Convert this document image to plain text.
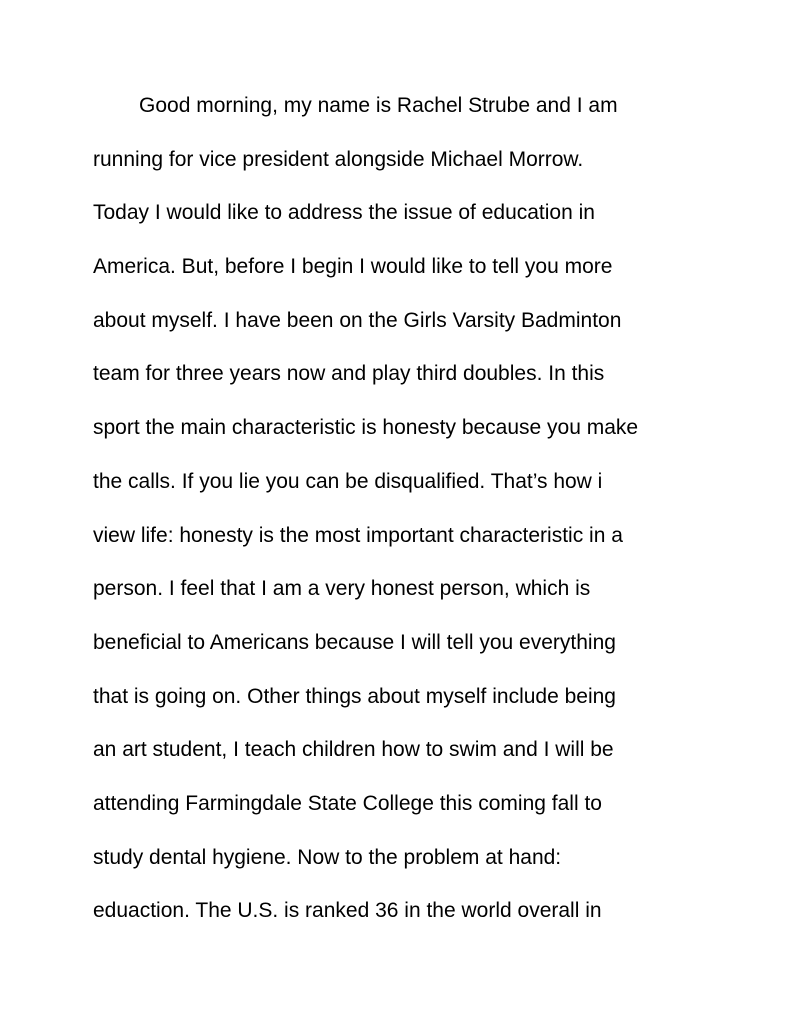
Good morning, my name is Rachel Strube and I am
running for vice president alongside Michael Morrow.
Today I would like to address the issue of education in
America. But, before I begin I would like to tell you more
about myself. I have been on the Girls Varsity Badminton
team for three years now and play third doubles. In this
sport the main characteristic is honesty because you make
the calls. If you lie you can be disqualified. That’s how i
view life: honesty is the most important characteristic in a
person. I feel that I am a very honest person, which is
beneficial to Americans because I will tell you everything
that is going on. Other things about myself include being
an art student, I teach children how to swim and I will be
attending Farmingdale State College this coming fall to
study dental hygiene. Now to the problem at hand:
eduaction. The U.S. is ranked 36 in the world overall in
